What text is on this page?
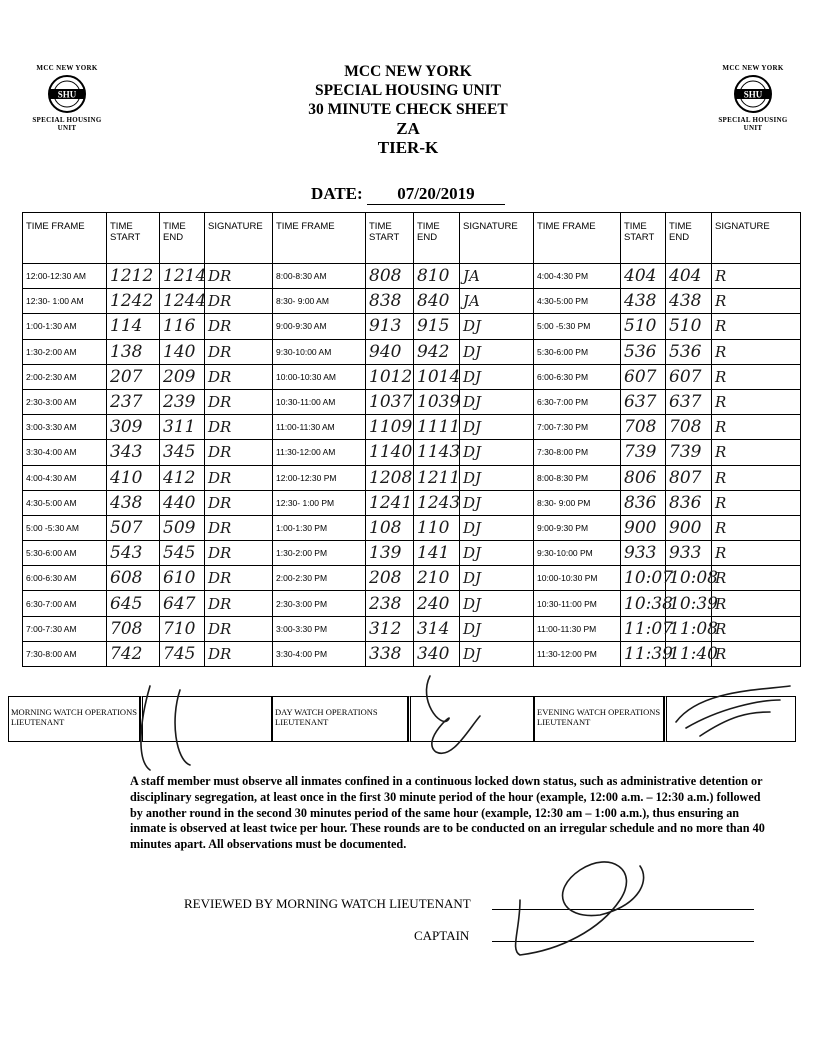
MCC NEW YORK
SHU
SPECIAL HOUSING UNIT
MCC NEW YORK
SHU
SPECIAL HOUSING UNIT
MCC NEW YORK
SPECIAL HOUSING UNIT
30 MINUTE CHECK SHEET
ZA
TIER-K
DATE: 07/20/2019
TIME FRAME	TIME START	TIME END	SIGNATURE	TIME FRAME	TIME START	TIME END	SIGNATURE	TIME FRAME	TIME START	TIME END	SIGNATURE
12:00-12:30 AM	1212	1214	DR	8:00-8:30 AM	808	810	JA	4:00-4:30 PM	404	404	R
12:30- 1:00 AM	1242	1244	DR	8:30- 9:00 AM	838	840	JA	4:30-5:00 PM	438	438	R
1:00-1:30 AM	114	116	DR	9:00-9:30 AM	913	915	DJ	5:00 -5:30 PM	510	510	R
1:30-2:00 AM	138	140	DR	9:30-10:00 AM	940	942	DJ	5:30-6:00 PM	536	536	R
2:00-2:30 AM	207	209	DR	10:00-10:30 AM	1012	1014	DJ	6:00-6:30 PM	607	607	R
2:30-3:00 AM	237	239	DR	10:30-11:00 AM	1037	1039	DJ	6:30-7:00 PM	637	637	R
3:00-3:30 AM	309	311	DR	11:00-11:30 AM	1109	1111	DJ	7:00-7:30 PM	708	708	R
3:30-4:00 AM	343	345	DR	11:30-12:00 AM	1140	1143	DJ	7:30-8:00 PM	739	739	R
4:00-4:30 AM	410	412	DR	12:00-12:30 PM	1208	1211	DJ	8:00-8:30 PM	806	807	R
4:30-5:00 AM	438	440	DR	12:30- 1:00 PM	1241	1243	DJ	8:30- 9:00 PM	836	836	R
5:00 -5:30 AM	507	509	DR	1:00-1:30 PM	108	110	DJ	9:00-9:30 PM	900	900	R
5:30-6:00 AM	543	545	DR	1:30-2:00 PM	139	141	DJ	9:30-10:00 PM	933	933	R
6:00-6:30 AM	608	610	DR	2:00-2:30 PM	208	210	DJ	10:00-10:30 PM	10:07	10:08	R
6:30-7:00 AM	645	647	DR	2:30-3:00 PM	238	240	DJ	10:30-11:00 PM	10:38	10:39	R
7:00-7:30 AM	708	710	DR	3:00-3:30 PM	312	314	DJ	11:00-11:30 PM	11:07	11:08	R
7:30-8:00 AM	742	745	DR	3:30-4:00 PM	338	340	DJ	11:30-12:00 PM	11:39	11:40	R
MORNING WATCH OPERATIONS LIEUTENANT
DAY WATCH OPERATIONS LIEUTENANT
EVENING WATCH OPERATIONS LIEUTENANT
A staff member must observe all inmates confined in a continuous locked down status, such as administrative detention or disciplinary segregation, at least once in the first 30 minute period of the hour (example, 12:00 a.m. – 12:30 a.m.) followed by another round in the second 30 minutes period of the same hour (example, 12:30 am – 1:00 a.m.), thus ensuring an inmate is observed at least twice per hour. These rounds are to be conducted on an irregular schedule and no more than 40 minutes apart. All observations must be documented.
REVIEWED BY MORNING WATCH LIEUTENANT
CAPTAIN
